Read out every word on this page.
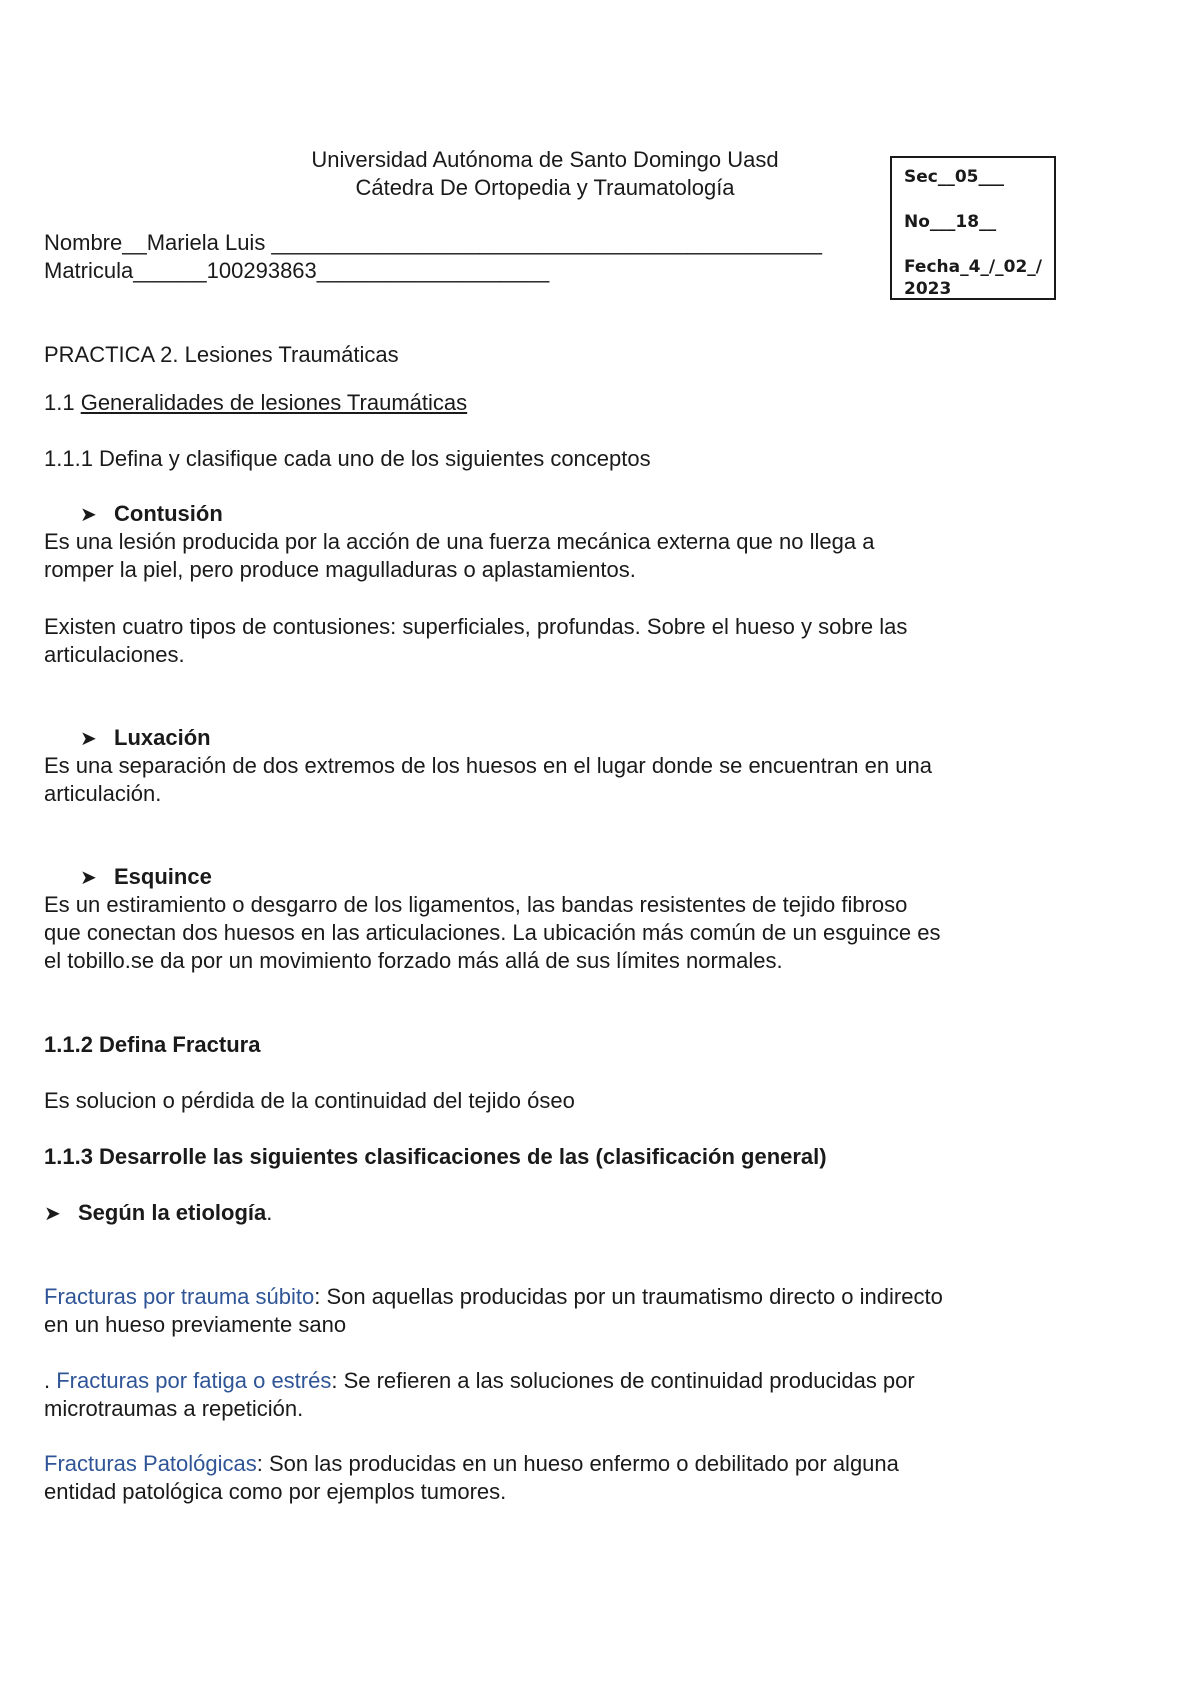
Universidad Autónoma de Santo Domingo Uasd
Cátedra De Ortopedia y Traumatología
Nombre__Mariela Luis _____________________________________________
Matricula______100293863___________________
Sec__05___
No___18__
Fecha_4_/_02_/ 2023
PRACTICA 2. Lesiones Traumáticas
1.1 Generalidades de lesiones Traumáticas
1.1.1 Defina y clasifique cada uno de los siguientes conceptos
➤ Contusión
Es una lesión producida por la acción de una fuerza mecánica externa que no llega a
romper la piel, pero produce magulladuras o aplastamientos.
Existen cuatro tipos de contusiones: superficiales, profundas. Sobre el hueso y sobre las
articulaciones.
➤ Luxación
Es una separación de dos extremos de los huesos en el lugar donde se encuentran en una
articulación.
➤ Esquince
Es un estiramiento o desgarro de los ligamentos, las bandas resistentes de tejido fibroso
que conectan dos huesos en las articulaciones. La ubicación más común de un esguince es
el tobillo.se da por un movimiento forzado más allá de sus límites normales.
1.1.2 Defina Fractura
Es solucion o pérdida de la continuidad del tejido óseo
1.1.3 Desarrolle las siguientes clasificaciones de las (clasificación general)
➤ Según la etiología.
Fracturas por trauma súbito: Son aquellas producidas por un traumatismo directo o indirecto
en un hueso previamente sano
. Fracturas por fatiga o estrés: Se refieren a las soluciones de continuidad producidas por
microtraumas a repetición.
Fracturas Patológicas: Son las producidas en un hueso enfermo o debilitado por alguna
entidad patológica como por ejemplos tumores.
